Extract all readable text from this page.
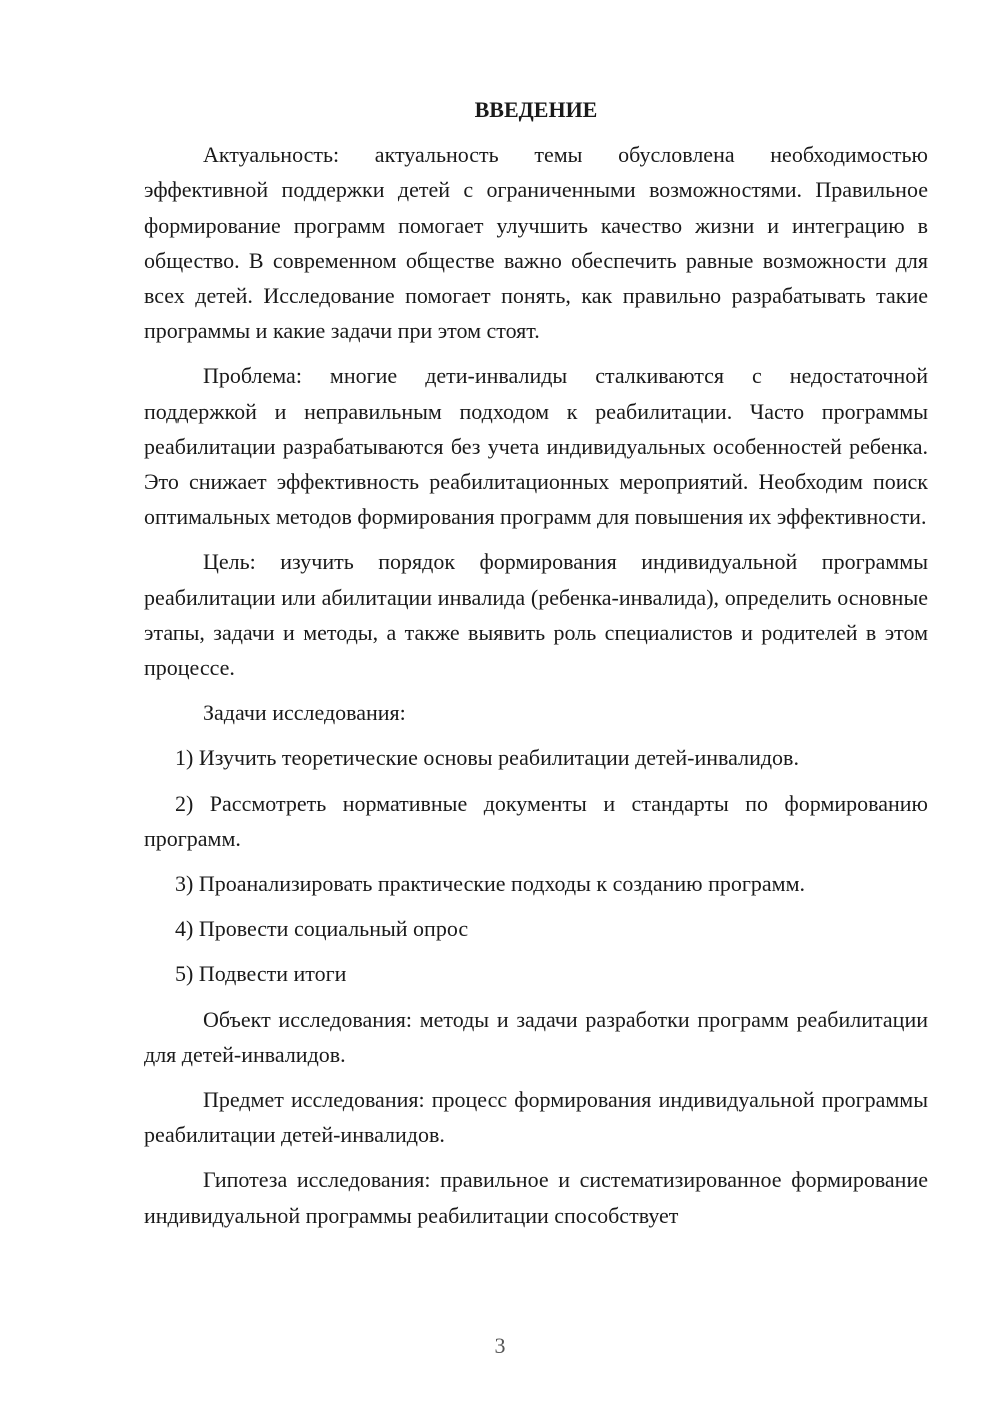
ВВЕДЕНИЕ

Актуальность: актуальность темы обусловлена необходимостью эффективной поддержки детей с ограниченными возможностями. Правильное формирование программ помогает улучшить качество жизни и интеграцию в общество. В современном обществе важно обеспечить равные возможности для всех детей. Исследование помогает понять, как правильно разрабатывать такие программы и какие задачи при этом стоят.

Проблема: многие дети-инвалиды сталкиваются с недостаточной поддержкой и неправильным подходом к реабилитации. Часто программы реабилитации разрабатываются без учета индивидуальных особенностей ребенка. Это снижает эффективность реабилитационных мероприятий. Необходим поиск оптимальных методов формирования программ для повышения их эффективности.

Цель: изучить порядок формирования индивидуальной программы реабилитации или абилитации инвалида (ребенка-инвалида), определить основные этапы, задачи и методы, а также выявить роль специалистов и родителей в этом процессе.

Задачи исследования:

1) Изучить теоретические основы реабилитации детей-инвалидов.

2) Рассмотреть нормативные документы и стандарты по формированию программ.

3) Проанализировать практические подходы к созданию программ.

4) Провести социальный опрос

5) Подвести итоги

Объект исследования: методы и задачи разработки программ реабилитации для детей-инвалидов.

Предмет исследования: процесс формирования индивидуальной программы реабилитации детей-инвалидов.

Гипотеза исследования: правильное и систематизированное формирование индивидуальной программы реабилитации способствует

3
